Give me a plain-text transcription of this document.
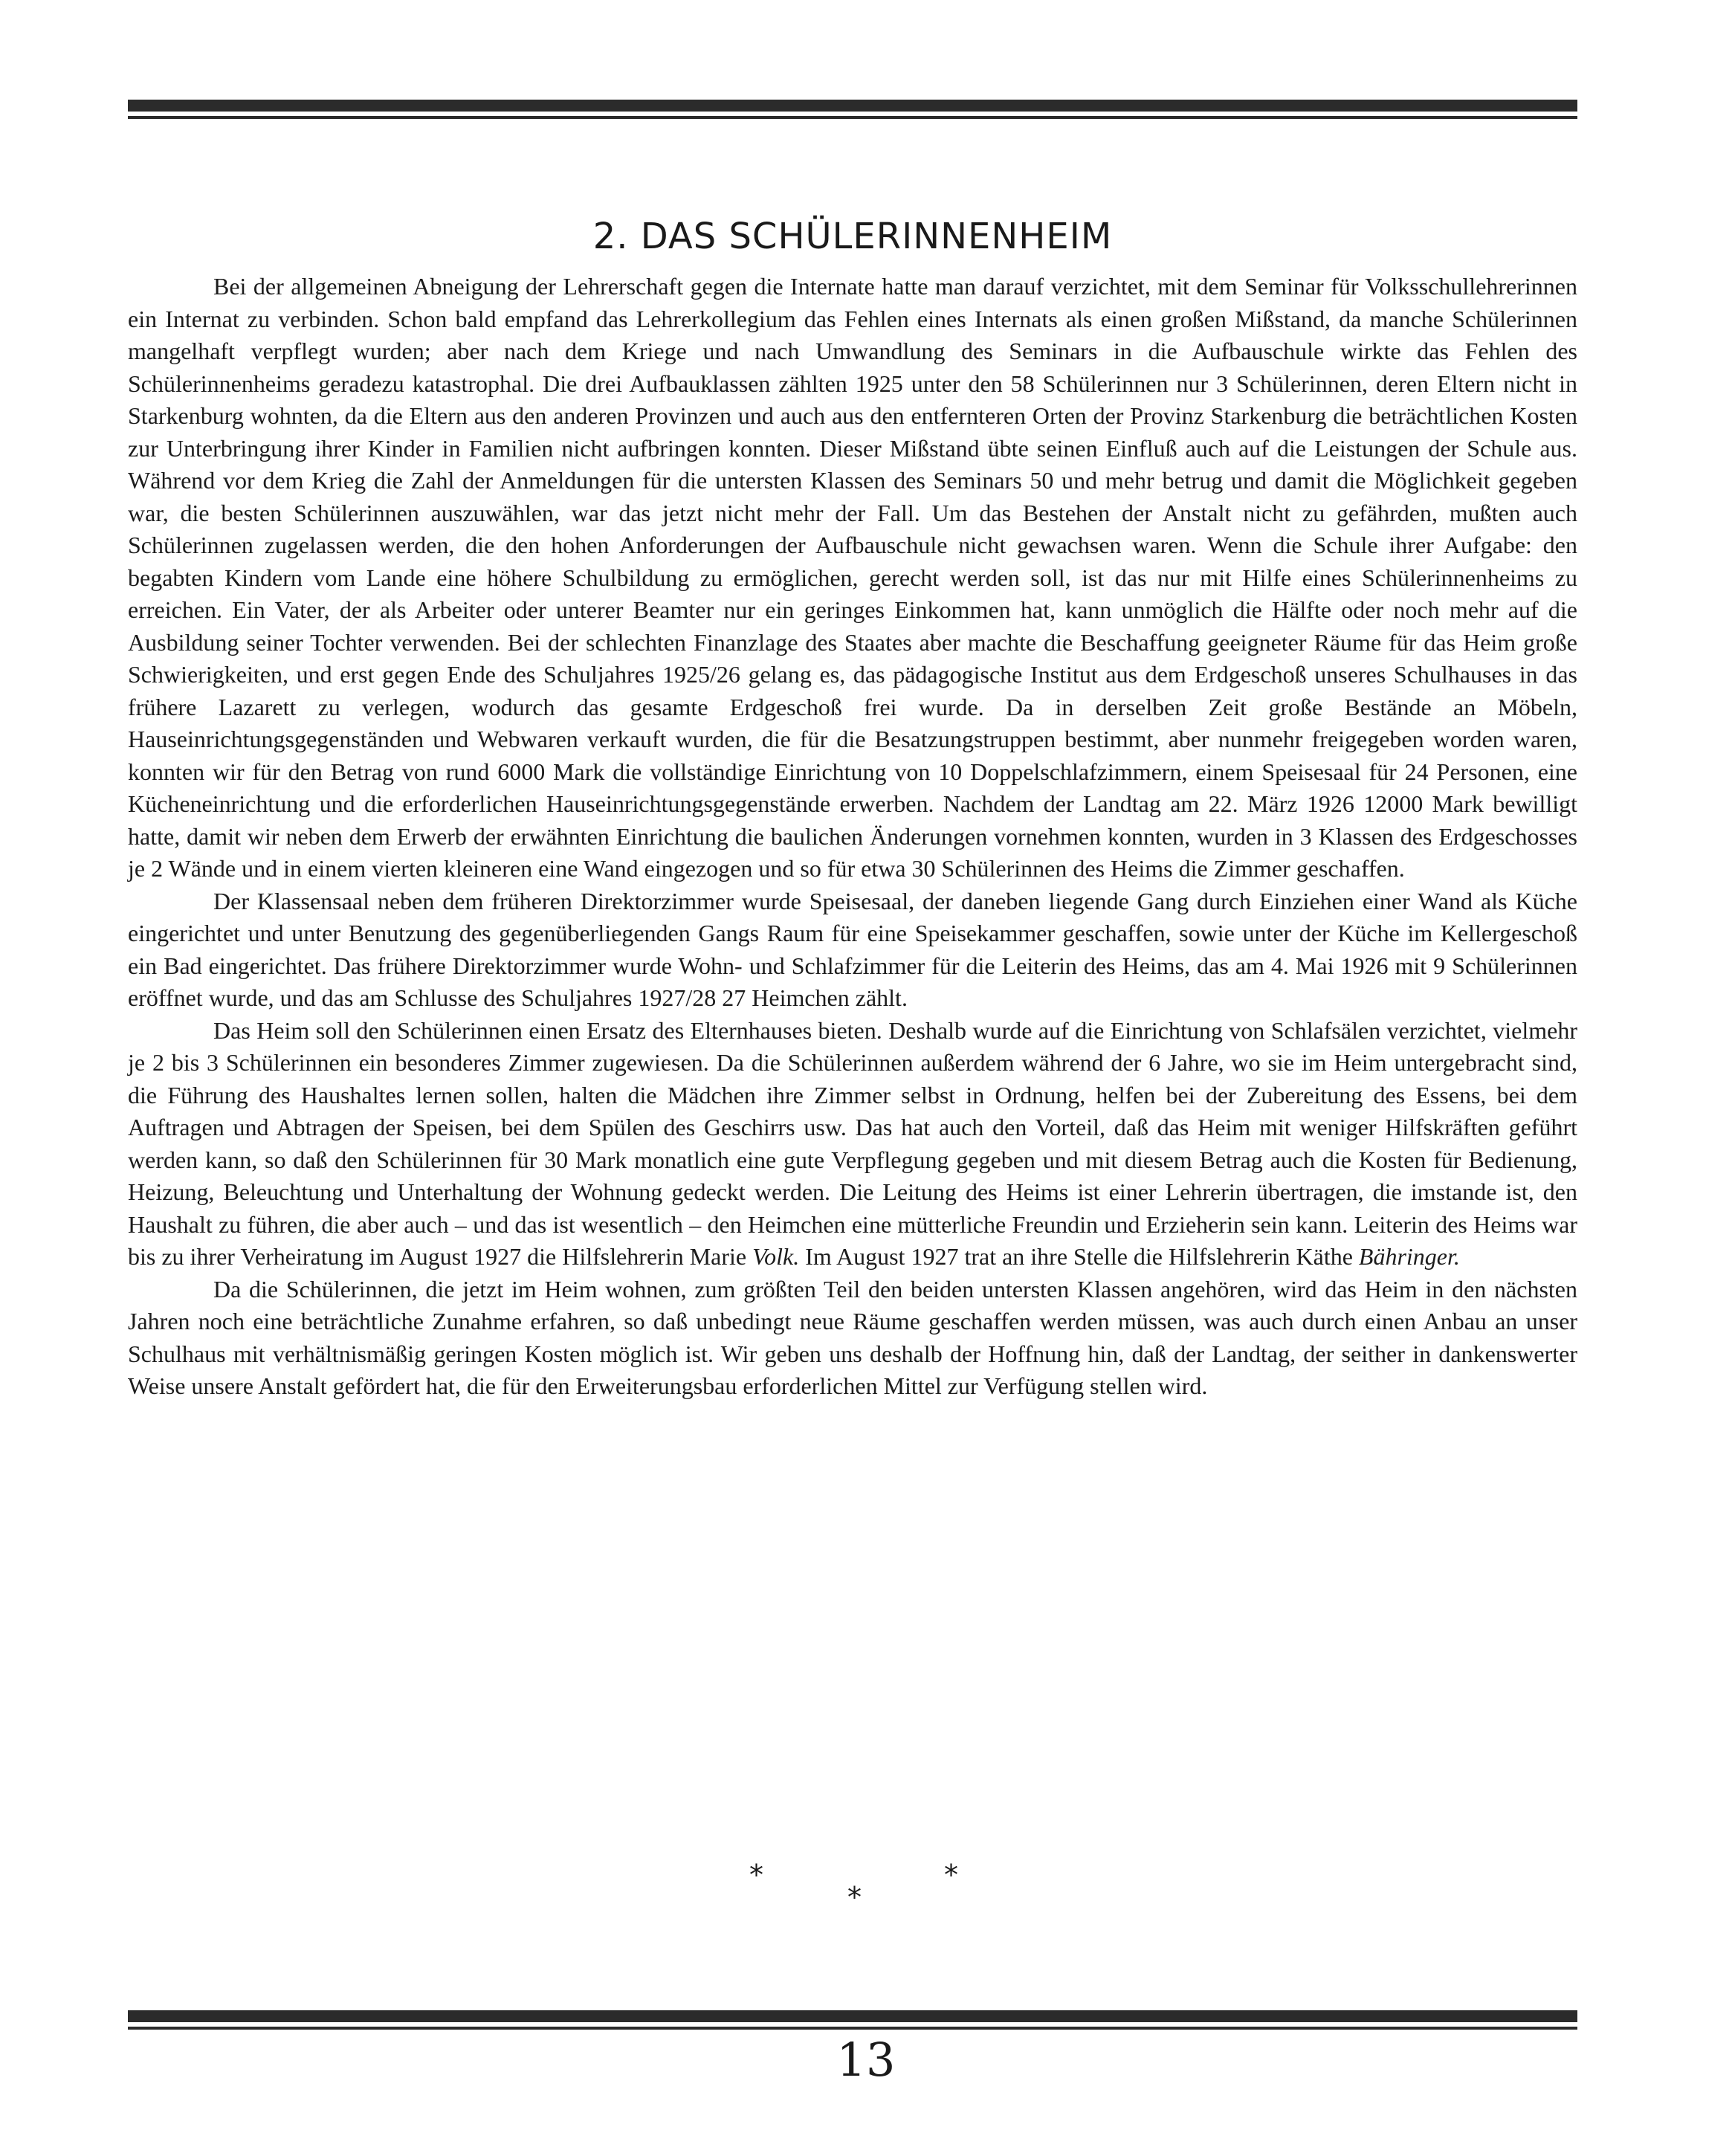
2. DAS SCHÜLERINNENHEIM

Bei der allgemeinen Abneigung der Lehrerschaft gegen die Internate hatte man darauf verzichtet, mit dem Seminar für Volksschullehrerinnen ein Internat zu verbinden. Schon bald empfand das Lehrerkollegium das Fehlen eines Internats als einen großen Mißstand, da manche Schülerinnen mangelhaft verpflegt wurden; aber nach dem Kriege und nach Umwandlung des Seminars in die Aufbauschule wirkte das Fehlen des Schülerinnenheims geradezu katastrophal. Die drei Aufbauklassen zählten 1925 unter den 58 Schülerinnen nur 3 Schülerinnen, deren Eltern nicht in Starkenburg wohnten, da die Eltern aus den anderen Provinzen und auch aus den entfernteren Orten der Provinz Starkenburg die beträchtlichen Kosten zur Unterbringung ihrer Kinder in Familien nicht aufbringen konnten. Dieser Mißstand übte seinen Einfluß auch auf die Leistungen der Schule aus. Während vor dem Krieg die Zahl der Anmeldungen für die untersten Klassen des Seminars 50 und mehr betrug und damit die Möglichkeit gegeben war, die besten Schülerinnen auszuwählen, war das jetzt nicht mehr der Fall. Um das Bestehen der Anstalt nicht zu gefährden, mußten auch Schülerinnen zugelassen werden, die den hohen Anforderungen der Aufbauschule nicht gewachsen waren. Wenn die Schule ihrer Aufgabe: den begabten Kindern vom Lande eine höhere Schulbildung zu ermöglichen, gerecht werden soll, ist das nur mit Hilfe eines Schülerinnenheims zu erreichen. Ein Vater, der als Arbeiter oder unterer Beamter nur ein geringes Einkommen hat, kann unmöglich die Hälfte oder noch mehr auf die Ausbildung seiner Tochter verwenden. Bei der schlechten Finanzlage des Staates aber machte die Beschaffung geeigneter Räume für das Heim große Schwierigkeiten, und erst gegen Ende des Schuljahres 1925/26 gelang es, das pädagogische Institut aus dem Erdgeschoß unseres Schulhauses in das frühere Lazarett zu verlegen, wodurch das gesamte Erdgeschoß frei wurde. Da in derselben Zeit große Bestände an Möbeln, Hauseinrichtungsgegenständen und Webwaren verkauft wurden, die für die Besatzungstruppen bestimmt, aber nunmehr freigegeben worden waren, konnten wir für den Betrag von rund 6000 Mark die vollständige Einrichtung von 10 Doppelschlafzimmern, einem Speisesaal für 24 Personen, eine Kücheneinrichtung und die erforderlichen Hauseinrichtungsgegenstände erwerben. Nachdem der Landtag am 22. März 1926 12000 Mark bewilligt hatte, damit wir neben dem Erwerb der erwähnten Einrichtung die baulichen Änderungen vornehmen konnten, wurden in 3 Klassen des Erdgeschosses je 2 Wände und in einem vierten kleineren eine Wand eingezogen und so für etwa 30 Schülerinnen des Heims die Zimmer geschaffen.

Der Klassensaal neben dem früheren Direktorzimmer wurde Speisesaal, der daneben liegende Gang durch Einziehen einer Wand als Küche eingerichtet und unter Benutzung des gegenüberliegenden Gangs Raum für eine Speisekammer geschaffen, sowie unter der Küche im Kellergeschoß ein Bad eingerichtet. Das frühere Direktorzimmer wurde Wohn- und Schlafzimmer für die Leiterin des Heims, das am 4. Mai 1926 mit 9 Schülerinnen eröffnet wurde, und das am Schlusse des Schuljahres 1927/28 27 Heimchen zählt.

Das Heim soll den Schülerinnen einen Ersatz des Elternhauses bieten. Deshalb wurde auf die Einrichtung von Schlafsälen verzichtet, vielmehr je 2 bis 3 Schülerinnen ein besonderes Zimmer zugewiesen. Da die Schülerinnen außerdem während der 6 Jahre, wo sie im Heim untergebracht sind, die Führung des Haushaltes lernen sollen, halten die Mädchen ihre Zimmer selbst in Ordnung, helfen bei der Zubereitung des Essens, bei dem Auftragen und Abtragen der Speisen, bei dem Spülen des Geschirrs usw. Das hat auch den Vorteil, daß das Heim mit weniger Hilfskräften geführt werden kann, so daß den Schülerinnen für 30 Mark monatlich eine gute Verpflegung gegeben und mit diesem Betrag auch die Kosten für Bedienung, Heizung, Beleuchtung und Unterhaltung der Wohnung gedeckt werden. Die Leitung des Heims ist einer Lehrerin übertragen, die imstande ist, den Haushalt zu führen, die aber auch – und das ist wesentlich – den Heimchen eine mütterliche Freundin und Erzieherin sein kann. Leiterin des Heims war bis zu ihrer Verheiratung im August 1927 die Hilfslehrerin Marie Volk. Im August 1927 trat an ihre Stelle die Hilfslehrerin Käthe Bähringer.

Da die Schülerinnen, die jetzt im Heim wohnen, zum größten Teil den beiden untersten Klassen angehören, wird das Heim in den nächsten Jahren noch eine beträchtliche Zunahme erfahren, so daß unbedingt neue Räume geschaffen werden müssen, was auch durch einen Anbau an unser Schulhaus mit verhältnismäßig geringen Kosten möglich ist. Wir geben uns deshalb der Hoffnung hin, daß der Landtag, der seither in dankenswerter Weise unsere Anstalt gefördert hat, die für den Erweiterungsbau erforderlichen Mittel zur Verfügung stellen wird.

*
*
*
13
